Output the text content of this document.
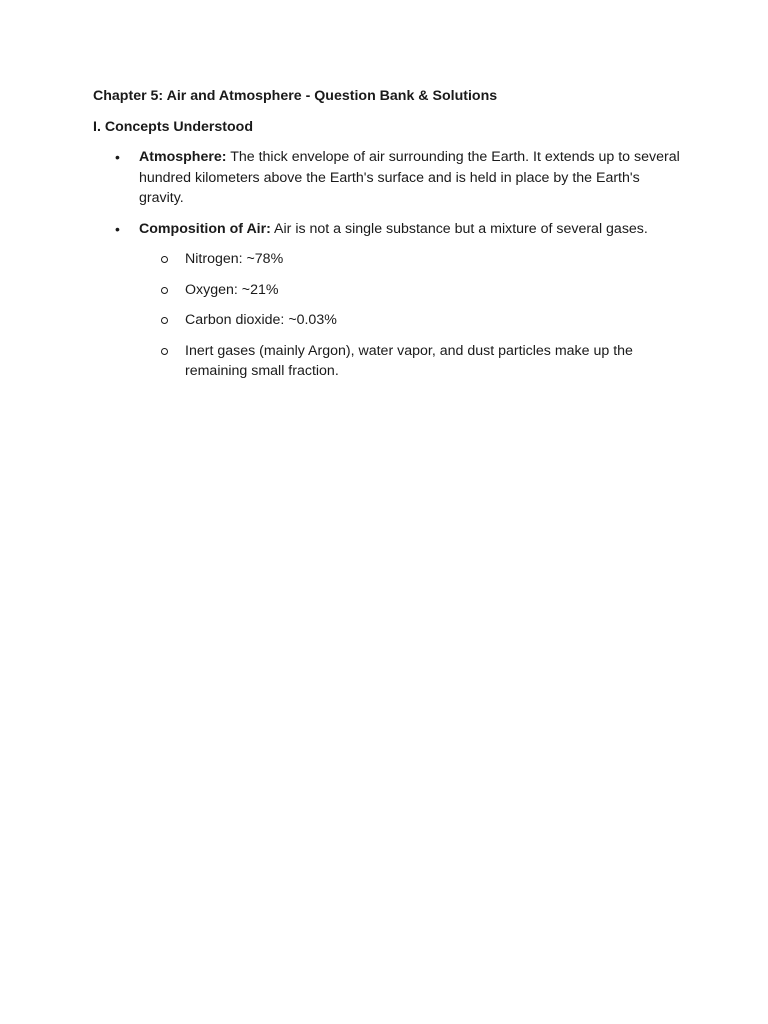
Chapter 5: Air and Atmosphere - Question Bank & Solutions
I. Concepts Understood
• Atmosphere: The thick envelope of air surrounding the Earth. It extends up to several hundred kilometers above the Earth's surface and is held in place by the Earth's gravity.
• Composition of Air: Air is not a single substance but a mixture of several gases.
Nitrogen: ~78%
Oxygen: ~21%
Carbon dioxide: ~0.03%
Inert gases (mainly Argon), water vapor, and dust particles make up the remaining small fraction.
